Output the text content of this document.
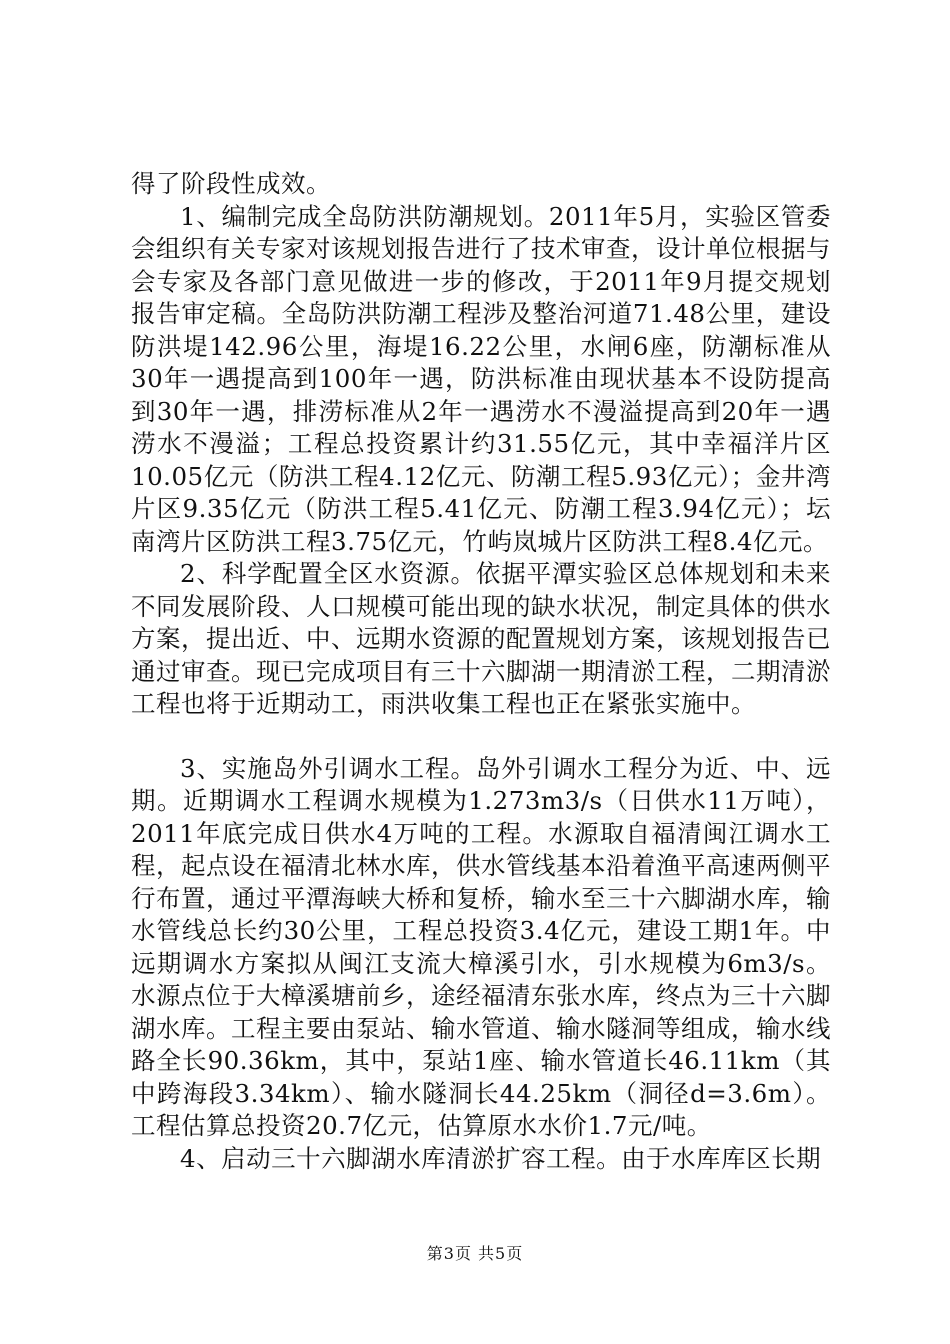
得了阶段性成效。

1、编制完成全岛防洪防潮规划。2011年5月，实验区管委会组织有关专家对该规划报告进行了技术审查，设计单位根据与会专家及各部门意见做进一步的修改，于2011年9月提交规划报告审定稿。全岛防洪防潮工程涉及整治河道71.48公里，建设防洪堤142.96公里，海堤16.22公里，水闸6座，防潮标准从30年一遇提高到100年一遇，防洪标准由现状基本不设防提高到30年一遇，排涝标准从2年一遇涝水不漫溢提高到20年一遇涝水不漫溢；工程总投资累计约31.55亿元，其中幸福洋片区10.05亿元（防洪工程4.12亿元、防潮工程5.93亿元）；金井湾片区9.35亿元（防洪工程5.41亿元、防潮工程3.94亿元）；坛南湾片区防洪工程3.75亿元，竹屿岚城片区防洪工程8.4亿元。

2、科学配置全区水资源。依据平潭实验区总体规划和未来不同发展阶段、人口规模可能出现的缺水状况，制定具体的供水方案，提出近、中、远期水资源的配置规划方案，该规划报告已通过审查。现已完成项目有三十六脚湖一期清淤工程，二期清淤工程也将于近期动工，雨洪收集工程也正在紧张实施中。

3、实施岛外引调水工程。岛外引调水工程分为近、中、远期。近期调水工程调水规模为1.273m3/s（日供水11万吨），2011年底完成日供水4万吨的工程。水源取自福清闽江调水工程，起点设在福清北林水库，供水管线基本沿着渔平高速两侧平行布置，通过平潭海峡大桥和复桥，输水至三十六脚湖水库，输水管线总长约30公里，工程总投资3.4亿元，建设工期1年。中远期调水方案拟从闽江支流大樟溪引水，引水规模为6m3/s。水源点位于大樟溪塘前乡，途经福清东张水库，终点为三十六脚湖水库。工程主要由泵站、输水管道、输水隧洞等组成，输水线路全长90.36km，其中，泵站1座、输水管道长46.11km（其中跨海段3.34km）、输水隧洞长44.25km（洞径d=3.6m）。工程估算总投资20.7亿元，估算原水水价1.7元/吨。

4、启动三十六脚湖水库清淤扩容工程。由于水库库区长期

第3页 共5页
